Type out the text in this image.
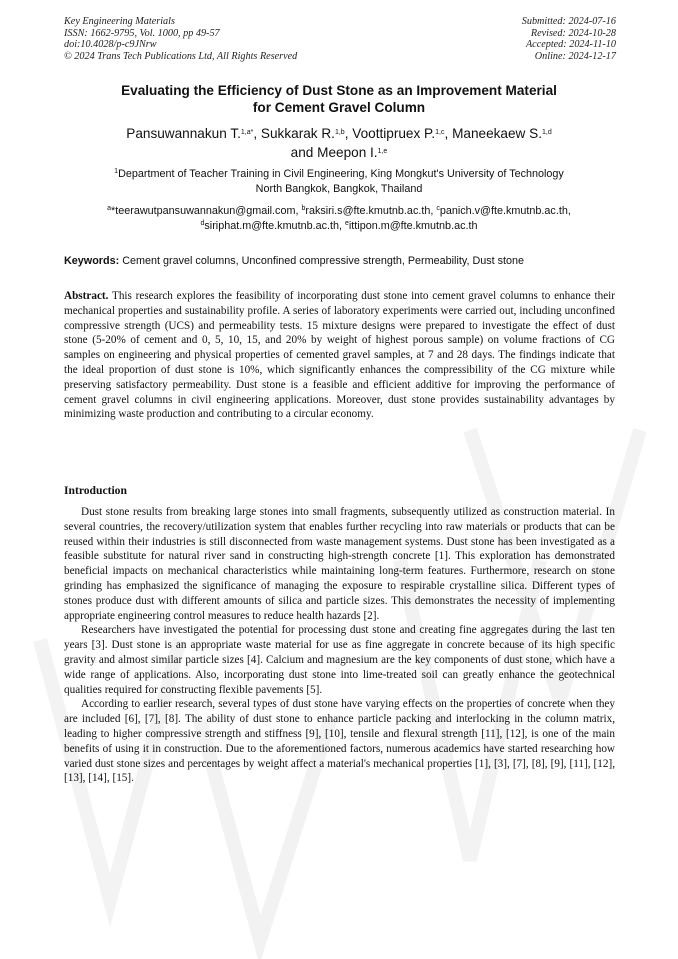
Key Engineering Materials
ISSN: 1662-9795, Vol. 1000, pp 49-57
doi:10.4028/p-c9JNrw
© 2024 Trans Tech Publications Ltd, All Rights Reserved
Submitted: 2024-07-16
Revised: 2024-10-28
Accepted: 2024-11-10
Online: 2024-12-17
Evaluating the Efficiency of Dust Stone as an Improvement Material
for Cement Gravel Column
Pansuwannakun T.$^{1,a*}$, Sukkarak R.$^{1,b}$, Voottipruex P.$^{1,c}$, Maneekaew S.$^{1,d}$
and Meepon I.$^{1,e}$
$^1$Department of Teacher Training in Civil Engineering, King Mongkut's University of Technology
North Bangkok, Bangkok, Thailand
$^a$*teerawutpansuwannakun@gmail.com, $^b$raksiri.s@fte.kmutnb.ac.th, $^c$panich.v@fte.kmutnb.ac.th,
$^d$siriphat.m@fte.kmutnb.ac.th, $^e$ittipon.m@fte.kmutnb.ac.th
Keywords: Cement gravel columns, Unconfined compressive strength, Permeability, Dust stone
Abstract. This research explores the feasibility of incorporating dust stone into cement gravel columns to enhance their mechanical properties and sustainability profile. A series of laboratory experiments were carried out, including unconfined compressive strength (UCS) and permeability tests. 15 mixture designs were prepared to investigate the effect of dust stone (5-20% of cement and 0, 5, 10, 15, and 20% by weight of highest porous sample) on volume fractions of CG samples on engineering and physical properties of cemented gravel samples, at 7 and 28 days. The findings indicate that the ideal proportion of dust stone is 10%, which significantly enhances the compressibility of the CG mixture while preserving satisfactory permeability. Dust stone is a feasible and efficient additive for improving the performance of cement gravel columns in civil engineering applications. Moreover, dust stone provides sustainability advantages by minimizing waste production and contributing to a circular economy.
Introduction

Dust stone results from breaking large stones into small fragments, subsequently utilized as construction material. In several countries, the recovery/utilization system that enables further recycling into raw materials or products that can be reused within their industries is still disconnected from waste management systems. Dust stone has been investigated as a feasible substitute for natural river sand in constructing high-strength concrete [1]. This exploration has demonstrated beneficial impacts on mechanical characteristics while maintaining long-term features. Furthermore, research on stone grinding has emphasized the significance of managing the exposure to respirable crystalline silica. Different types of stones produce dust with different amounts of silica and particle sizes. This demonstrates the necessity of implementing appropriate engineering control measures to reduce health hazards [2].

Researchers have investigated the potential for processing dust stone and creating fine aggregates during the last ten years [3]. Dust stone is an appropriate waste material for use as fine aggregate in concrete because of its high specific gravity and almost similar particle sizes [4]. Calcium and magnesium are the key components of dust stone, which have a wide range of applications. Also, incorporating dust stone into lime-treated soil can greatly enhance the geotechnical qualities required for constructing flexible pavements [5].

According to earlier research, several types of dust stone have varying effects on the properties of concrete when they are included [6], [7], [8]. The ability of dust stone to enhance particle packing and interlocking in the column matrix, leading to higher compressive strength and stiffness [9], [10], tensile and flexural strength [11], [12], is one of the main benefits of using it in construction. Due to the aforementioned factors, numerous academics have started researching how varied dust stone sizes and percentages by weight affect a material's mechanical properties [1], [3], [7], [8], [9], [11], [12], [13], [14], [15].
